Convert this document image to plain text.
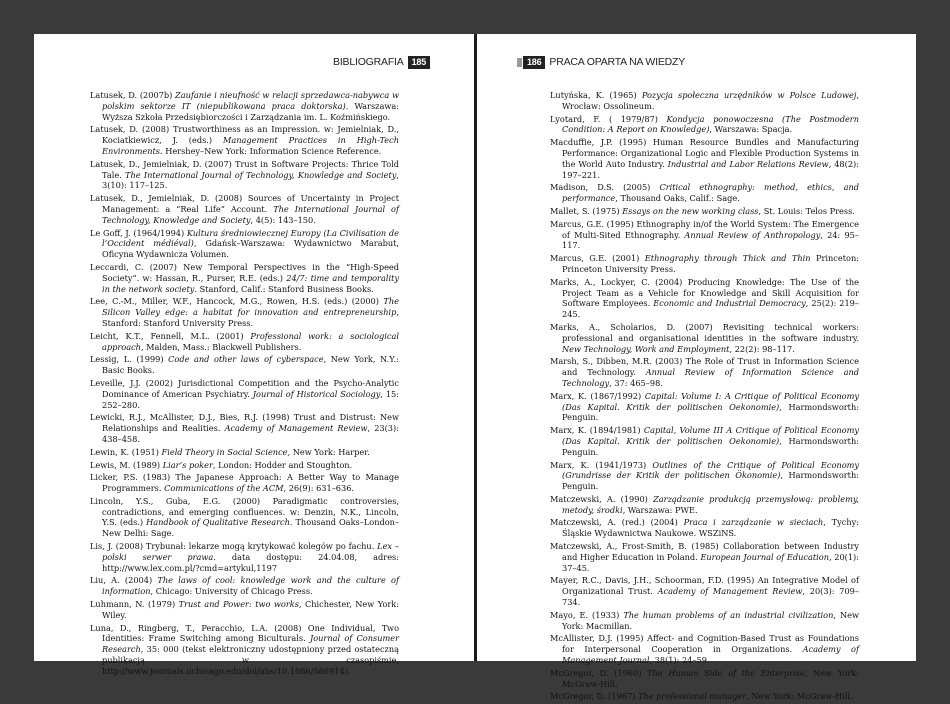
BIBLIOGRAFIA 185
Latusek, D. (2007b) Zaufanie i nieufność w relacji sprzedawca-nabywca w polskim sektorze IT (niepublikowana praca doktorska). Warszawa: Wyższa Szkoła Przedsiębiorczości i Zarządzania im. L. Koźmińskiego.
Latusek, D. (2008) Trustworthiness as an Impression. w: Jemielniak, D., Kociatkiewicz, J. (eds.) Management Practices in High-Tech Environments. Hershey–New York: Information Science Reference.
Latusek, D., Jemielniak, D. (2007) Trust in Software Projects: Thrice Told Tale. The International Journal of Technology, Knowledge and Society, 3(10): 117–125.
Latusek, D., Jemielniak, D. (2008) Sources of Uncertainty in Project Management: a “Real Life” Account. The International Journal of Technology, Knowledge and Society, 4(5): 143–150.
Le Goff, J. (1964/1994) Kultura średniowiecznej Europy (La Civilisation de l’Occident médiéval), Gdańsk–Warszawa: Wydawnictwo Marabut, Oficyna Wydawnicza Volumen.
Leccardi, C. (2007) New Temporal Perspectives in the “High-Speed Society”. w: Hassan, R., Purser, R.E. (eds.) 24/7: time and temporality in the network society. Stanford, Calif.: Stanford Business Books.
Lee, C.-M., Miller, W.F., Hancock, M.G., Rowen, H.S. (eds.) (2000) The Silicon Valley edge: a habitat for innovation and entrepreneurship, Stanford: Stanford University Press.
Leicht, K.T., Fennell, M.L. (2001) Professional work: a sociological approach, Malden, Mass.: Blackwell Publishers.
Lessig, L. (1999) Code and other laws of cyberspace, New York, N.Y.: Basic Books.
Leveille, J.J. (2002) Jurisdictional Competition and the Psycho-Analytic Dominance of American Psychiatry. Journal of Historical Sociology, 15: 252–280.
Lewicki, R.J., McAllister, D.J., Bies, R.J. (1998) Trust and Distrust: New Relationships and Realities. Academy of Management Review, 23(3): 438–458.
Lewin, K. (1951) Field Theory in Social Science, New York: Harper.
Lewis, M. (1989) Liar’s poker, London: Hodder and Stoughton.
Licker, P.S. (1983) The Japanese Approach: A Better Way to Manage Programmers. Communications of the ACM, 26(9): 631–636.
Lincoln, Y.S., Guba, E.G. (2000) Paradigmatic controversies, contradictions, and emerging confluences. w: Denzin, N.K., Lincoln, Y.S. (eds.) Handbook of Qualitative Research. Thousand Oaks–London–New Delhi: Sage.
Lis, J. (2008) Trybunał: lekarze mogą krytykować kolegów po fachu. Lex – polski serwer prawa. data dostępu: 24.04.08, adres: http://www.lex.com.pl/?cmd=artykul,1197
Liu, A. (2004) The laws of cool: knowledge work and the culture of information, Chicago: University of Chicago Press.
Luhmann, N. (1979) Trust and Power: two works, Chichester, New York: Wiley.
Luna, D., Ringberg, T., Peracchio, L.A. (2008) One Individual, Two Identities: Frame Switching among Biculturals. Journal of Consumer Research, 35: 000 (tekst elektroniczny udostępniony przed ostateczną publikacją w czasopiśmie, http://www.journals.uchicago.edu/doi/abs/10.1086/586914).
186 PRACA OPARTA NA WIEDZY
Lutyńska, K. (1965) Pozycja społeczna urzędników w Polsce Ludowej, Wrocław: Ossolineum.
Lyotard, F. ( 1979/87) Kondycja ponowoczesna (The Postmodern Condition: A Report on Knowledge), Warszawa: Spacja.
Macduffie, J.P. (1995) Human Resource Bundles and Manufacturing Performance: Organizational Logic and Flexible Production Systems in the World Auto Industry. Industrial and Labor Relations Review, 48(2): 197–221.
Madison, D.S. (2005) Critical ethnography: method, ethics, and performance, Thousand Oaks, Calif.: Sage.
Mallet, S. (1975) Essays on the new working class, St. Louis: Telos Press.
Marcus, G.E. (1995) Ethnography in/of the World System: The Emergence of Multi-Sited Ethnography. Annual Review of Anthropology, 24: 95–117.
Marcus, G.E. (2001) Ethnography through Thick and Thin Princeton: Princeton University Press.
Marks, A., Lockyer, C. (2004) Producing Knowledge: The Use of the Project Team as a Vehicle for Knowledge and Skill Acquisition for Software Employees. Economic and Industrial Democracy, 25(2): 219–245.
Marks, A., Scholarios, D. (2007) Revisiting technical workers: professional and organisational identities in the software industry. New Technology, Work and Employment, 22(2): 98–117.
Marsh, S., Dibben, M.R. (2003) The Role of Trust in Information Science and Technology. Annual Review of Information Science and Technology, 37: 465–98.
Marx, K. (1867/1992) Capital: Volume I: A Critique of Political Economy (Das Kapital. Kritik der politischen Oekonomie), Harmondsworth: Penguin.
Marx, K. (1894/1981) Capital, Volume III A Critique of Political Economy (Das Kapital. Kritik der politischen Oekonomie), Harmondsworth: Penguin.
Marx, K. (1941/1973) Outlines of the Critique of Political Economy (Grundrisse der Kritik der politischen Ökonomie), Harmondsworth: Penguin.
Matczewski, A. (1990) Zarządzanie produkcją przemysłową: problemy, metody, środki, Warszawa: PWE.
Matczewski, A. (red.) (2004) Praca i zarządzanie w sieciach, Tychy: Śląskie Wydawnictwa Naukowe. WSZiNS.
Matczewski, A., Frost-Smith, B. (1985) Collaboration between Industry and Higher Education in Poland. European Journal of Education, 20(1): 37–45.
Mayer, R.C., Davis, J.H., Schoorman, F.D. (1995) An Integrative Model of Organizational Trust. Academy of Management Review, 20(3): 709–734.
Mayo, E. (1933) The human problems of an industrial civilization, New York: Macmillan.
McAllister, D.J. (1995) Affect- and Cognition-Based Trust as Foundations for Interpersonal Cooperation in Organizations. Academy of Management Journal, 38(1): 24–59.
McGregor, D. (1960) The Human Side of the Enterprise, New York: McGraw-Hill.
McGregor, D. (1967) The professional manager, New York: McGraw-Hill.
